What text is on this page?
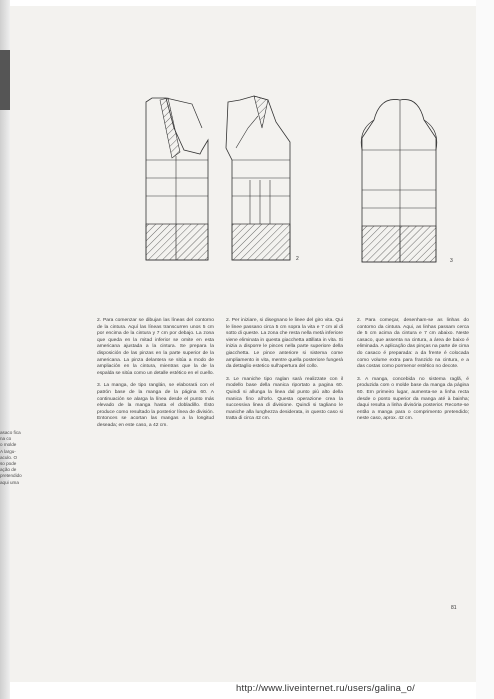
asaco fica
na co
o molde
A largu-
aculo. O
so pode
ação de
pretendido
aqui uma
2	3

2. Para comenzar se dibujan las líneas del contorno de la cintura. Aquí las líneas transcurren unos 5 cm por encima de la cintura y 7 cm por debajo. La zona que queda en la mitad inferior se omite en esta americana ajustada a la cintura. Se prepara la disposición de las pinzas en la parte superior de la americana. La pinza delantera se sitúa a modo de ampliación en la cintura, mientras que la de la espalda se sitúa como un detalle estético en el cuello.

3. La manga, de tipo ranglán, se elaborará con el patrón base de la manga de la página 60. A continuación se alarga la línea desde el punto más elevado de la manga hasta el dobladillo. Ésto produce como resultado la posterior línea de división. Entonces se acortan las mangas a la longitud deseada; en este caso, a 42 cm.

2. Per iniziare, si disegnano le linee del giro vita. Qui le linee passano circa 5 cm sopra la vita e 7 cm al di sotto di queste. La zona che resta nella metà inferiore viene eliminata in questa giacchetta attillata in vita. Si inizia a disporre le pinces nella parte superiore della giacchetta. Le pince anteriore si sistema come ampliamento in vita, mentre quella posteriore fungerà da dettaglio estetico sull'apertura del collo.

3. Le maniche tipo raglan sarà realizzate con il modello base della manica riportato a pagina 60. Quindi si allunga la linea dal punto più alto della manica fino all'orlo. Questa operazione crea la successiva linea di divisione. Quindi si tagliano le maniche alla lunghezza desiderata, in questo caso si tratta di circa 42 cm.

2. Para começar, desenham-se as linhas do contorno da cintura. Aqui, as linhas passam cerca de 5 cm acima da cintura e 7 cm abaixo. Neste casaco, que assenta na cintura, a área de baixo é eliminada. A aplicação das pinças na parte de cima do casaco é preparada: a da frente é colocada como volume extra para franzido na cintura, e a das costas como pormenor estético no decote.

3. A manga, concebida no sistema raglã, é produzida com o molde base da manga da página 60. Em primeiro lugar, aumenta-se a linha recta desde o ponto superior da manga até à bainha; daqui resulta a linha divisória posterior. Recorte-se então a manga para o comprimento pretendido; neste caso, aprox. 42 cm.

81
http://www.liveinternet.ru/users/galina_o/
